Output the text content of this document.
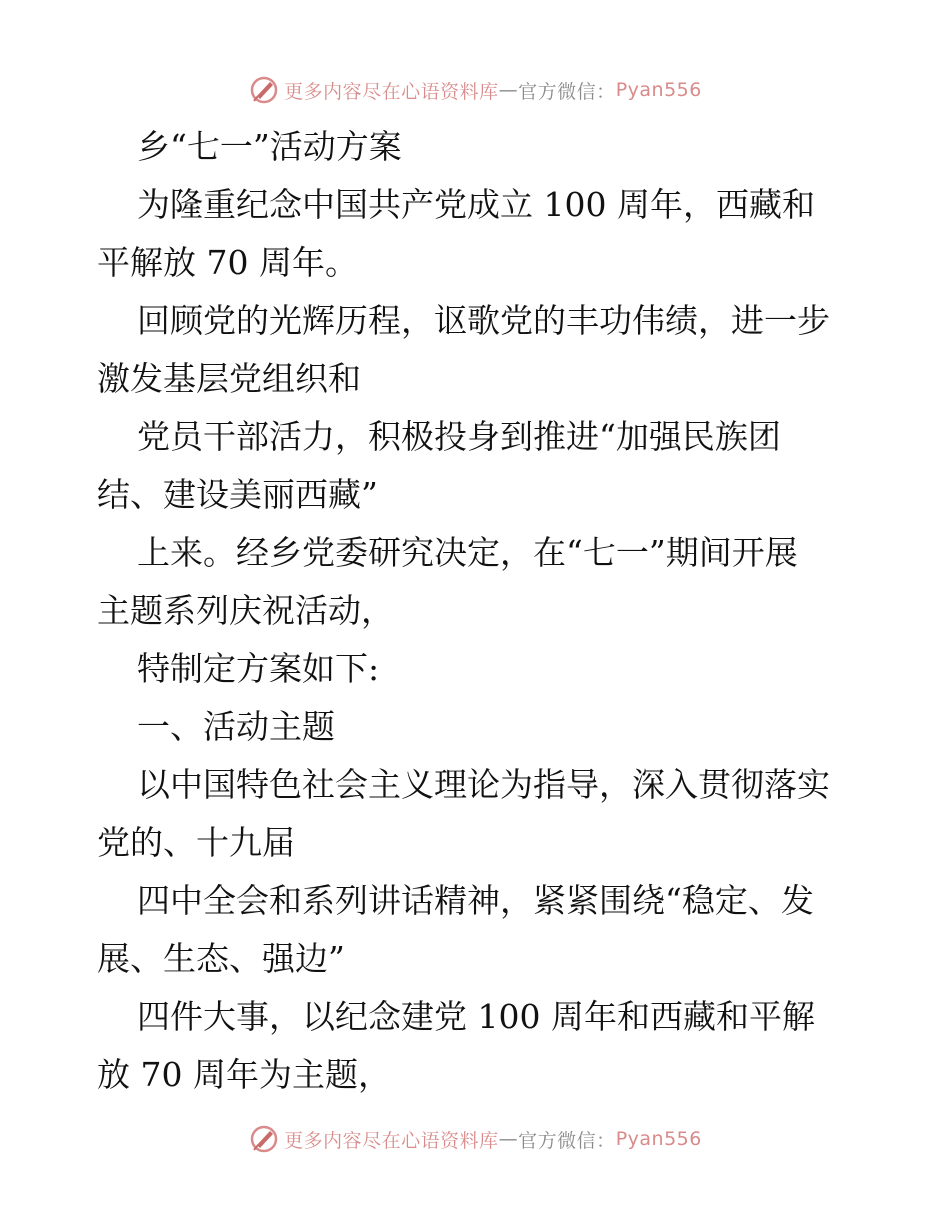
更多内容尽在心语资料库 — 官方微信： Pyan556

乡“七一”活动方案

为隆重纪念中国共产党成立 100 周年，西藏和

平解放 70 周年。

回顾党的光辉历程，讴歌党的丰功伟绩，进一步

激发基层党组织和

党员干部活力，积极投身到推进“加强民族团

结、建设美丽西藏”

上来。经乡党委研究决定，在“七一”期间开展

主题系列庆祝活动，

特制定方案如下:

一、活动主题

以中国特色社会主义理论为指导，深入贯彻落实

党的、十九届

四中全会和系列讲话精神，紧紧围绕“稳定、发

展、生态、强边”

四件大事，以纪念建党 100 周年和西藏和平解

放 70 周年为主题，

更多内容尽在心语资料库 — 官方微信： Pyan556
